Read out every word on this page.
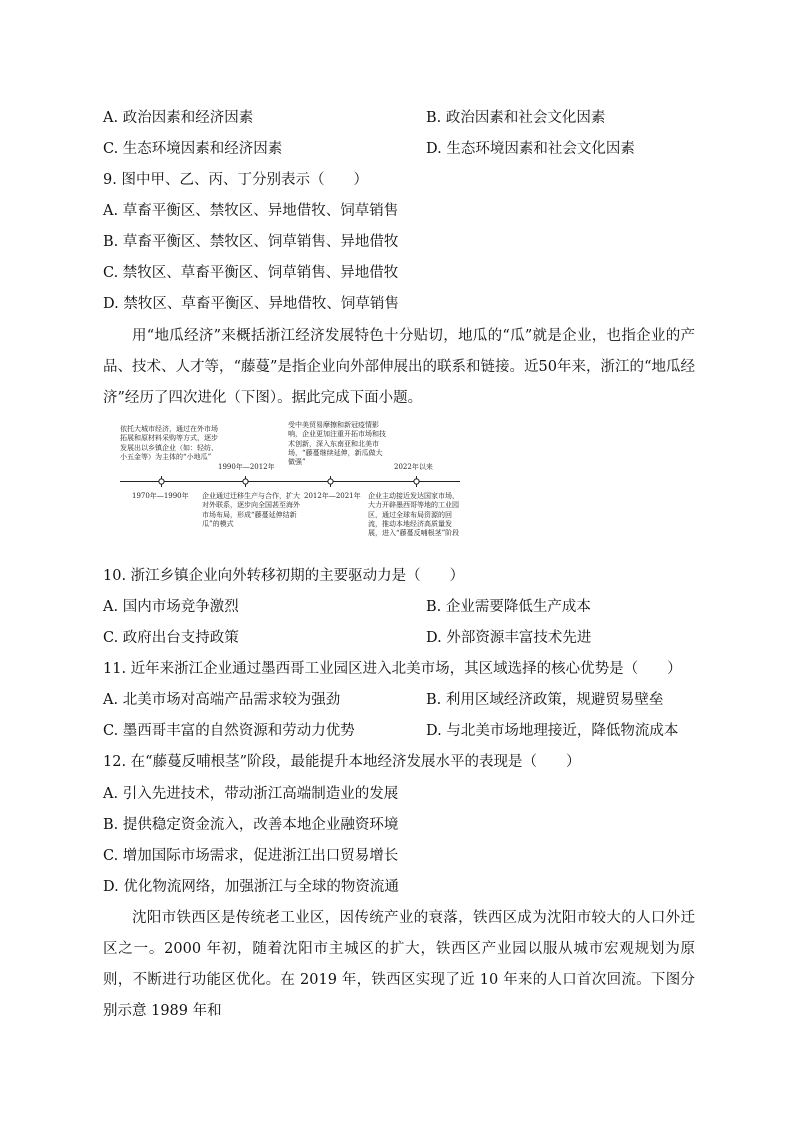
A. 政治因素和经济因素	B. 政治因素和社会文化因素
C. 生态环境因素和经济因素	D. 生态环境因素和社会文化因素
9. 图中甲、乙、丙、丁分别表示（　　）
A. 草畜平衡区、禁牧区、异地借牧、饲草销售
B. 草畜平衡区、禁牧区、饲草销售、异地借牧
C. 禁牧区、草畜平衡区、饲草销售、异地借牧
D. 禁牧区、草畜平衡区、异地借牧、饲草销售

用“地瓜经济”来概括浙江经济发展特色十分贴切，地瓜的“瓜”就是企业，也指企业的产品、技术、人才等，“藤蔓”是指企业向外部伸展出的联系和链接。近50年来，浙江的“地瓜经济”经历了四次进化（下图）。据此完成下面小题。

依托大城市经济，通过在外市场拓展和原材料采购等方式，逐步发展出以乡镇企业（如：轻纺、小五金等）为主体的“小地瓜”
受中美贸易摩擦和新冠疫情影响，企业更加注重开拓市场和技术创新，深入东南亚和北美市场，“藤蔓继续延伸，新瓜做大做强”
1990年—2012年	2022年以来
1970年—1990年	2012年—2021年
企业通过迁移生产与合作，扩大对外联系，逐步向全国甚至海外市场布局，形成“藤蔓延伸结新瓜”的模式
企业主动接近发达国家市场，大力开辟墨西哥等地的工业园区，通过全球布局资源的回流，推动本地经济高质量发展，进入“藤蔓反哺根茎”阶段
10. 浙江乡镇企业向外转移初期的主要驱动力是（　　）
A. 国内市场竞争激烈	B. 企业需要降低生产成本
C. 政府出台支持政策	D. 外部资源丰富技术先进
11. 近年来浙江企业通过墨西哥工业园区进入北美市场，其区域选择的核心优势是（　　）
A. 北美市场对高端产品需求较为强劲	B. 利用区域经济政策，规避贸易壁垒
C. 墨西哥丰富的自然资源和劳动力优势	D. 与北美市场地理接近，降低物流成本
12. 在“藤蔓反哺根茎”阶段，最能提升本地经济发展水平的表现是（　　）
A. 引入先进技术，带动浙江高端制造业的发展
B. 提供稳定资金流入，改善本地企业融资环境
C. 增加国际市场需求，促进浙江出口贸易增长
D. 优化物流网络，加强浙江与全球的物资流通

沈阳市铁西区是传统老工业区，因传统产业的衰落，铁西区成为沈阳市较大的人口外迁区之一。2000 年初，随着沈阳市主城区的扩大，铁西区产业园以服从城市宏观规划为原则，不断进行功能区优化。在 2019 年，铁西区实现了近 10 年来的人口首次回流。下图分别示意 1989 年和
